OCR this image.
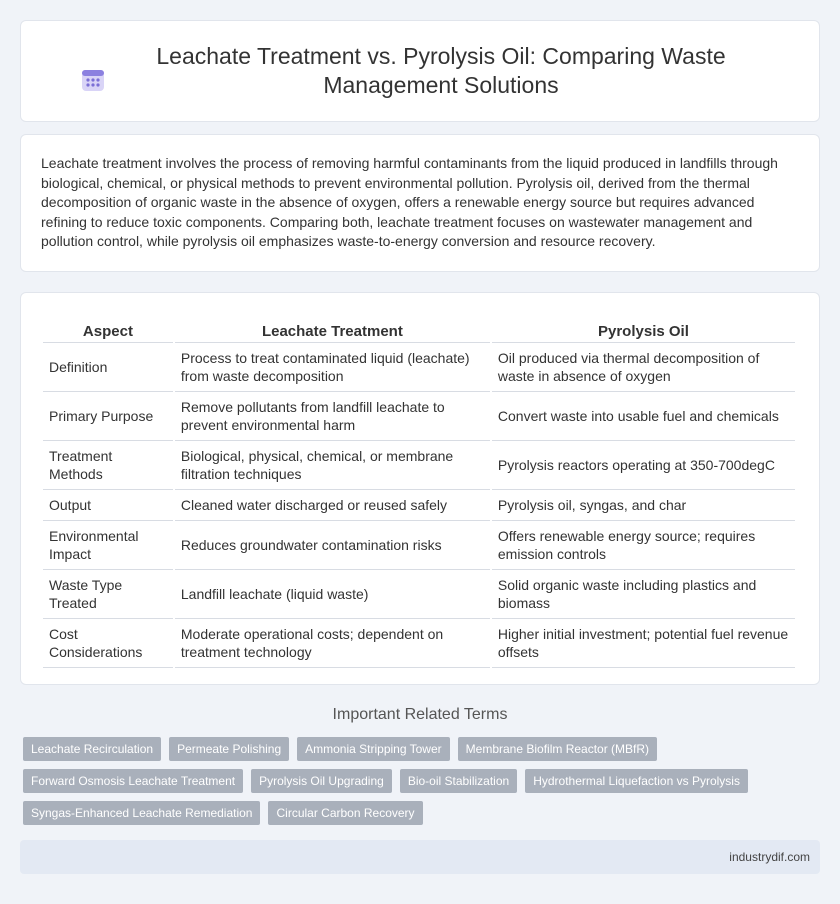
Leachate Treatment vs. Pyrolysis Oil: Comparing Waste Management Solutions

Leachate treatment involves the process of removing harmful contaminants from the liquid produced in landfills through biological, chemical, or physical methods to prevent environmental pollution. Pyrolysis oil, derived from the thermal decomposition of organic waste in the absence of oxygen, offers a renewable energy source but requires advanced refining to reduce toxic components. Comparing both, leachate treatment focuses on wastewater management and pollution control, while pyrolysis oil emphasizes waste-to-energy conversion and resource recovery.

Aspect	Leachate Treatment	Pyrolysis Oil
Definition	Process to treat contaminated liquid (leachate) from waste decomposition	Oil produced via thermal decomposition of waste in absence of oxygen
Primary Purpose	Remove pollutants from landfill leachate to prevent environmental harm	Convert waste into usable fuel and chemicals
Treatment Methods	Biological, physical, chemical, or membrane filtration techniques	Pyrolysis reactors operating at 350-700degC
Output	Cleaned water discharged or reused safely	Pyrolysis oil, syngas, and char
Environmental Impact	Reduces groundwater contamination risks	Offers renewable energy source; requires emission controls
Waste Type Treated	Landfill leachate (liquid waste)	Solid organic waste including plastics and biomass
Cost Considerations	Moderate operational costs; dependent on treatment technology	Higher initial investment; potential fuel revenue offsets
Important Related Terms
Leachate Recirculation	Permeate Polishing	Ammonia Stripping Tower	Membrane Biofilm Reactor (MBfR)
Forward Osmosis Leachate Treatment	Pyrolysis Oil Upgrading	Bio-oil Stabilization	Hydrothermal Liquefaction vs Pyrolysis
Syngas-Enhanced Leachate Remediation	Circular Carbon Recovery
industrydif.com
